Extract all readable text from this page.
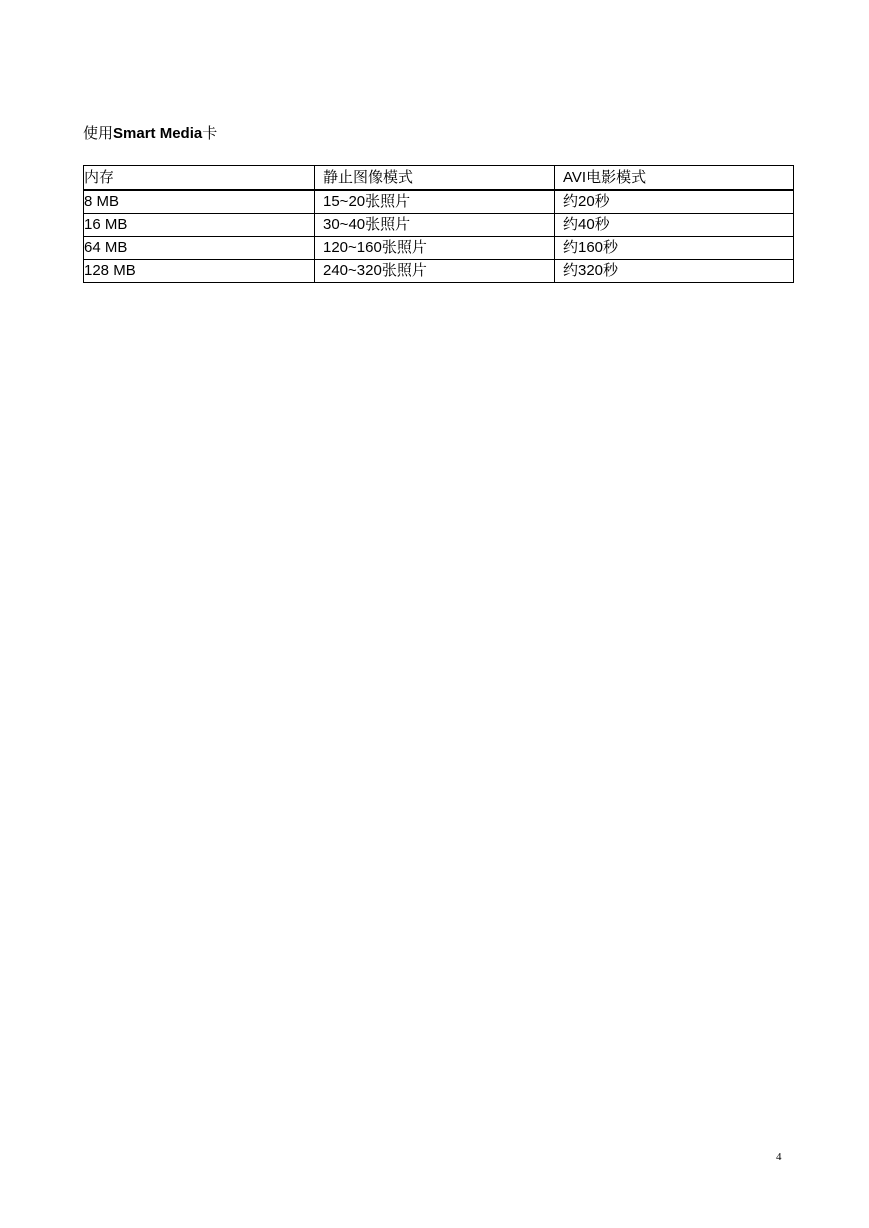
使用Smart Media卡
内存	静止图像模式	AVI电影模式
8 MB	15~20张照片	约20秒
16 MB	30~40张照片	约40秒
64 MB	120~160张照片	约160秒
128 MB	240~320张照片	约320秒
4
